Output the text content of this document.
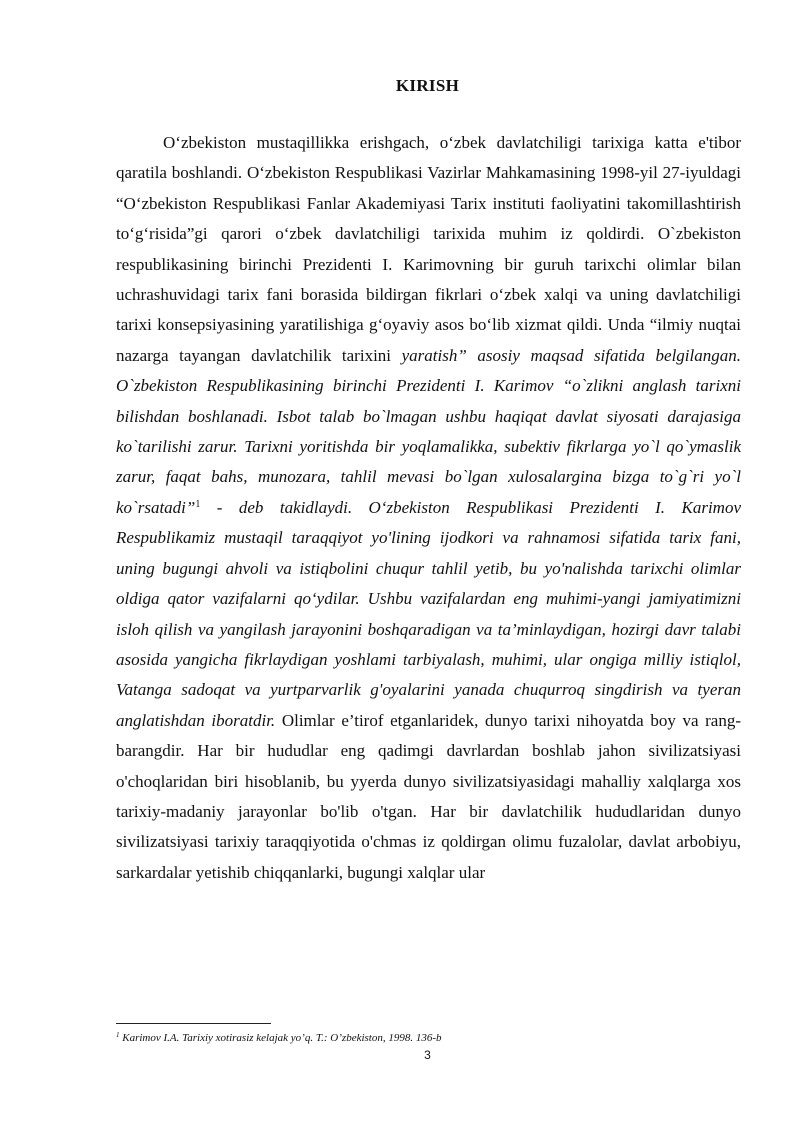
KIRISH

O‘zbekiston mustaqillikka erishgach, o‘zbek davlatchiligi tarixiga katta e'tibor qaratila boshlandi. O‘zbekiston Respublikasi Vazirlar Mahkamasining 1998-yil 27-iyuldagi “O‘zbekiston Respublikasi Fanlar Akademiyasi Tarix instituti faoliyatini takomillashtirish to‘g‘risida”gi qarori o‘zbek davlatchiligi tarixida muhim iz qoldirdi. O`zbekiston respublikasining birinchi Prezidenti I. Karimovning bir guruh tarixchi olimlar bilan uchrashuvidagi tarix fani borasida bildirgan fikrlari o‘zbek xalqi va uning davlatchiligi tarixi konsepsiyasining yaratilishiga g‘oyaviy asos bo‘lib xizmat qildi. Unda “ilmiy nuqtai nazarga tayangan davlatchilik tarixini yaratish” asosiy maqsad sifatida belgilangan. O`zbekiston Respublikasining birinchi Prezidenti I. Karimov “o`zlikni anglash tarixni bilishdan boshlanadi. Isbot talab bo`lmagan ushbu haqiqat davlat siyosati darajasiga ko`tarilishi zarur. Tarixni yoritishda bir yoqlamalikka, subektiv fikrlarga yo`l qo`ymaslik zarur, faqat bahs, munozara, tahlil mevasi bo`lgan xulosalargina bizga to`g`ri yo`l ko`rsatadi”$^1$ - deb takidlaydi. O‘zbekiston Respublikasi Prezidenti I. Karimov Respublikamiz mustaqil taraqqiyot yo'lining ijodkori va rahnamosi sifatida tarix fani, uning bugungi ahvoli va istiqbolini chuqur tahlil yetib, bu yo'nalishda tarixchi olimlar oldiga qator vazifalarni qo‘ydilar. Ushbu vazifalardan eng muhimi-yangi jamiyatimizni isloh qilish va yangilash jarayonini boshqaradigan va ta’minlaydigan, hozirgi davr talabi asosida yangicha fikrlaydigan yoshlami tarbiyalash, muhimi, ular ongiga milliy istiqlol, Vatanga sadoqat va yurtparvarlik g'oyalarini yanada chuqurroq singdirish va tyeran anglatishdan iboratdir. Olimlar e’tirof etganlaridek, dunyo tarixi nihoyatda boy va rang-barangdir. Har bir hududlar eng qadimgi davrlardan boshlab jahon sivilizatsiyasi o'choqlaridan biri hisoblanib, bu yyerda dunyo sivilizatsiyasidagi mahalliy xalqlarga xos tarixiy-madaniy jarayonlar bo'lib o'tgan. Har bir davlatchilik hududlaridan dunyo sivilizatsiyasi tarixiy taraqqiyotida o'chmas iz qoldirgan olimu fuzalolar, davlat arbobiyu, sarkardalar yetishib chiqqanlarki, bugungi xalqlar ular

$^1$ Karimov I.A. Tarixiy xotirasiz kelajak yo’q. T.: O’zbekiston, 1998. 136-b
3
